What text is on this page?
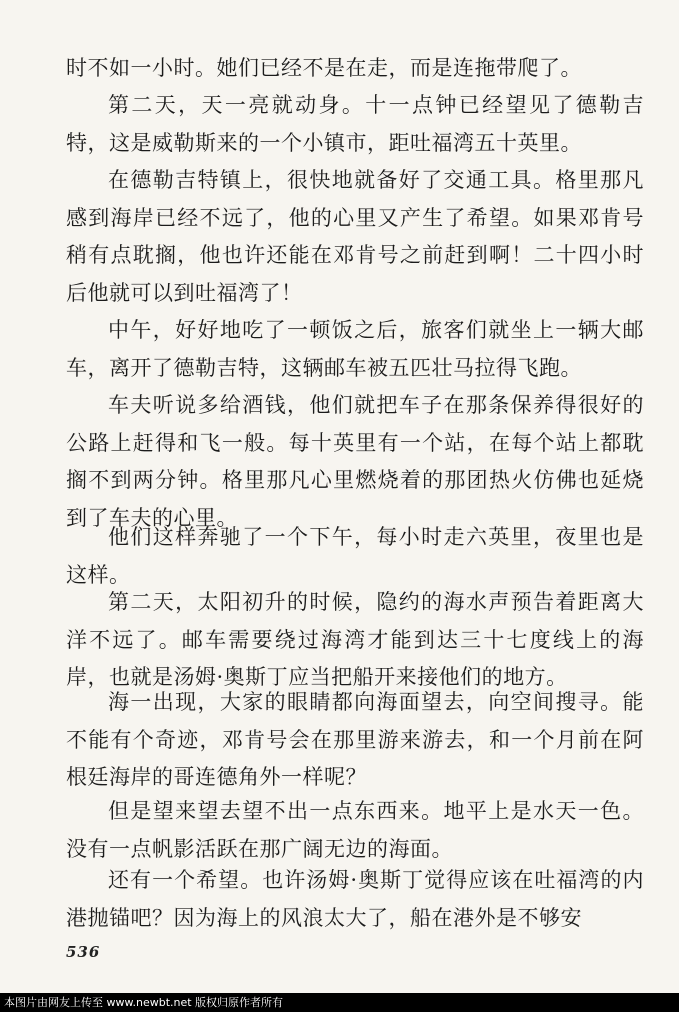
时不如一小时。她们已经不是在走，而是连拖带爬了。

第二天，天一亮就动身。十一点钟已经望见了德勒吉特，这是威勒斯来的一个小镇市，距吐福湾五十英里。

在德勒吉特镇上，很快地就备好了交通工具。格里那凡感到海岸已经不远了，他的心里又产生了希望。如果邓肯号稍有点耽搁，他也许还能在邓肯号之前赶到啊！二十四小时后他就可以到吐福湾了！

中午，好好地吃了一顿饭之后，旅客们就坐上一辆大邮车，离开了德勒吉特，这辆邮车被五匹壮马拉得飞跑。

车夫听说多给酒钱，他们就把车子在那条保养得很好的公路上赶得和飞一般。每十英里有一个站，在每个站上都耽搁不到两分钟。格里那凡心里燃烧着的那团热火仿佛也延烧到了车夫的心里。

他们这样奔驰了一个下午，每小时走六英里，夜里也是这样。

第二天，太阳初升的时候，隐约的海水声预告着距离大洋不远了。邮车需要绕过海湾才能到达三十七度线上的海岸，也就是汤姆·奥斯丁应当把船开来接他们的地方。

海一出现，大家的眼睛都向海面望去，向空间搜寻。能不能有个奇迹，邓肯号会在那里游来游去，和一个月前在阿根廷海岸的哥连德角外一样呢？

但是望来望去望不出一点东西来。地平上是水天一色。没有一点帆影活跃在那广阔无边的海面。

还有一个希望。也许汤姆·奥斯丁觉得应该在吐福湾的内港抛锚吧？因为海上的风浪太大了，船在港外是不够安

536
本图片由网友上传至 www.newbt.net 版权归原作者所有
